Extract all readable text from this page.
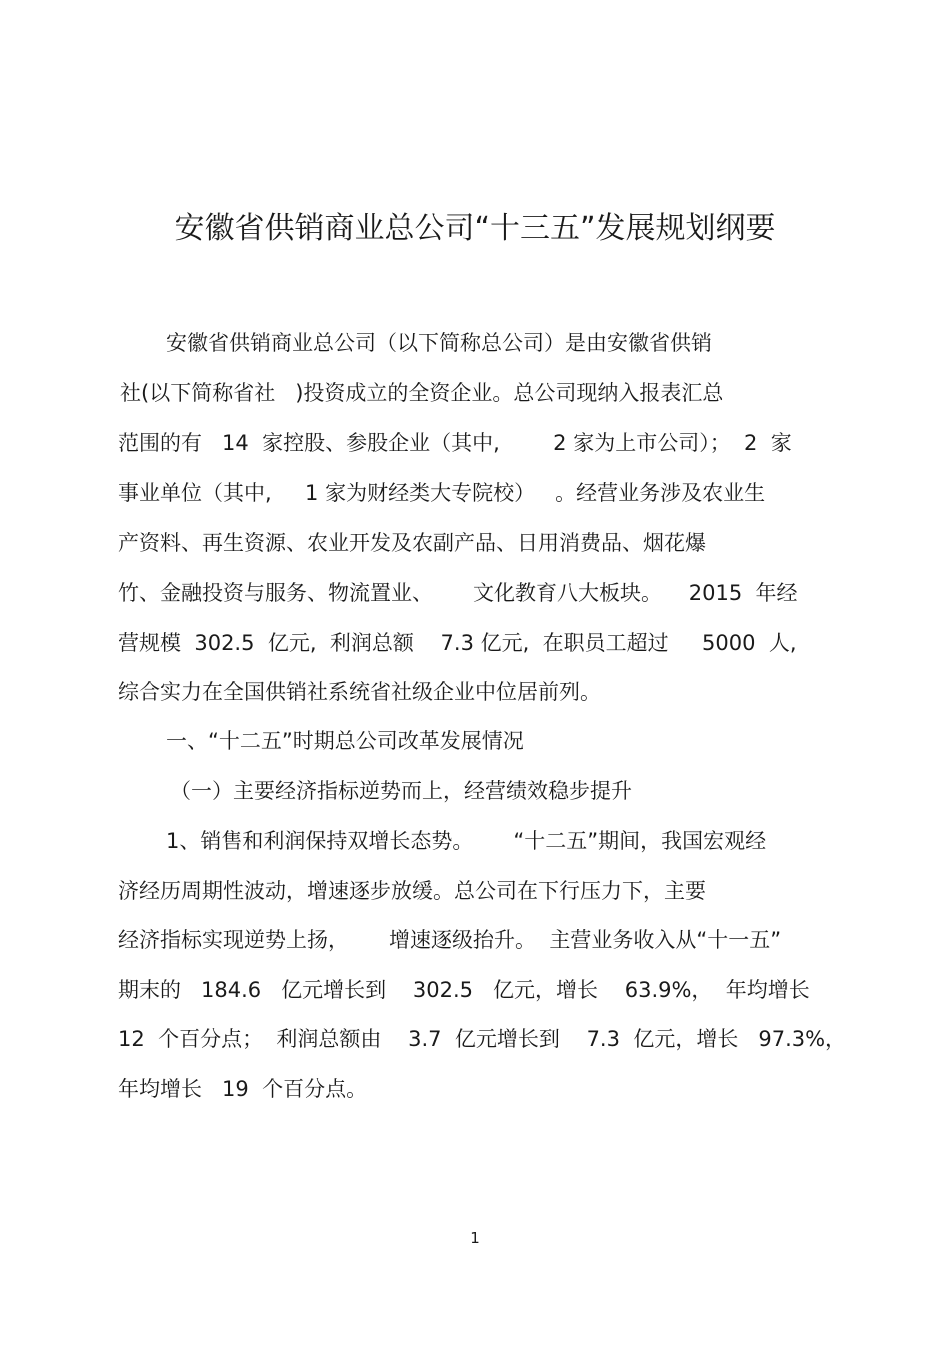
安徽省供销商业总公司“十三五”发展规划纲要
安徽省供销商业总公司（以下简称总公司）是由安徽省供销
社(以下简称省社   )投资成立的全资企业。总公司现纳入报表汇总
范围的有   14  家控股、参股企业（其中,        2 家为上市公司）；  2  家
事业单位（其中,     1 家为财经类大专院校）   。经营业务涉及农业生
产资料、再生资源、农业开发及农副产品、日用消费品、烟花爆
竹、金融投资与服务、物流置业、      文化教育八大板块。    2015  年经
营规模  302.5  亿元,  利润总额    7.3 亿元,  在职员工超过     5000  人,
综合实力在全国供销社系统省社级企业中位居前列。
一、“十二五”时期总公司改革发展情况
（一）主要经济指标逆势而上，经营绩效稳步提升
1、销售和利润保持双增长态势。      “十二五”期间，我国宏观经
济经历周期性波动，增速逐步放缓。总公司在下行压力下，主要
经济指标实现逆势上扬，      增速逐级抬升。  主营业务收入从“十一五”
期末的   184.6   亿元增长到    302.5   亿元，增长    63.9%，  年均增长
12  个百分点；  利润总额由    3.7  亿元增长到    7.3  亿元，增长   97.3%，
年均增长   19  个百分点。
1
